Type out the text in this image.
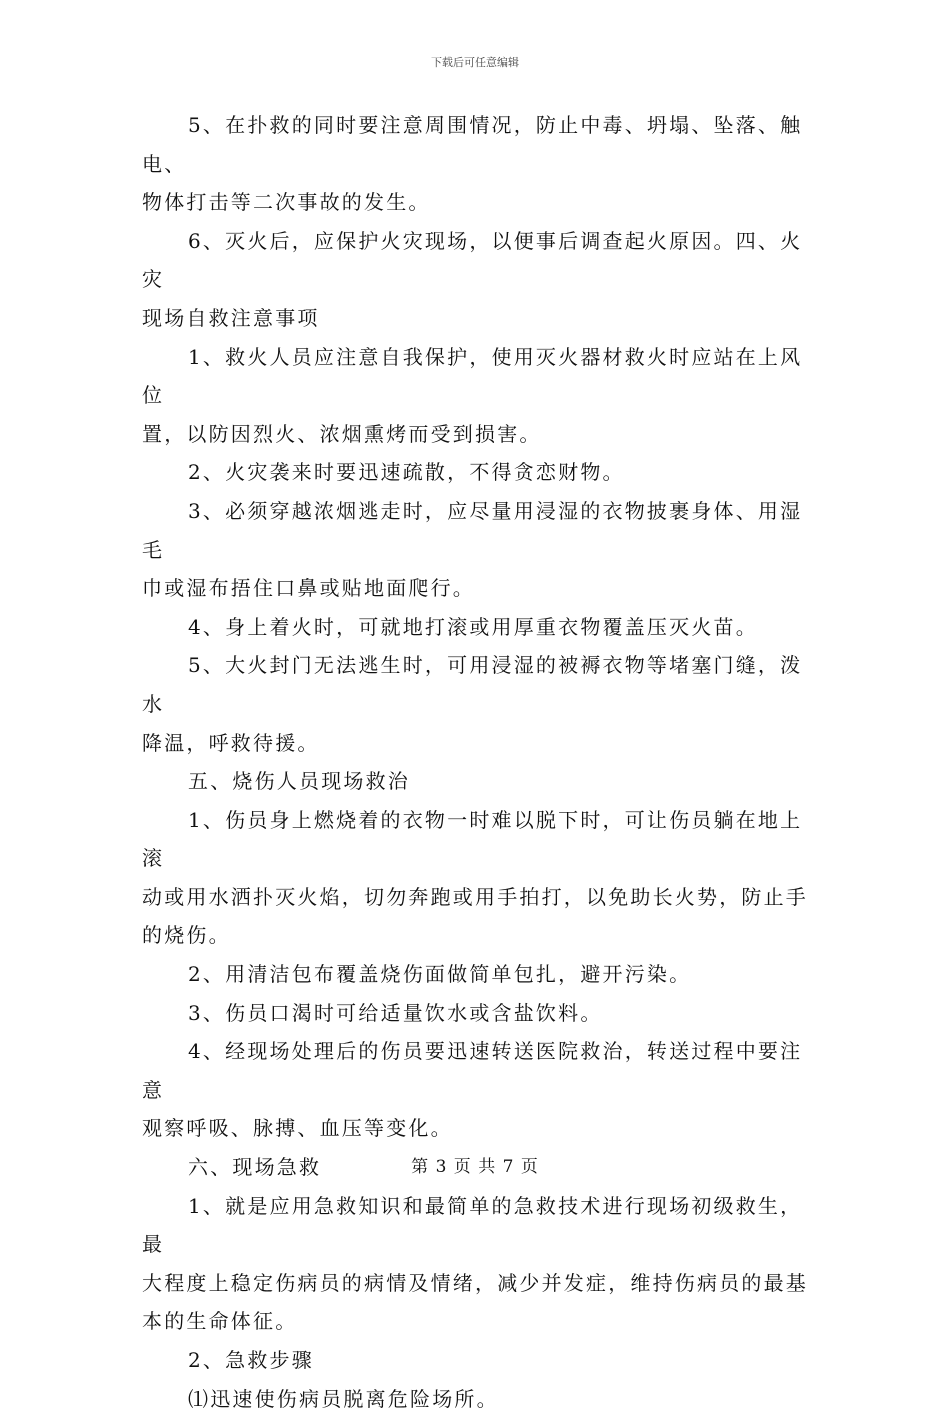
下载后可任意编辑

5、在扑救的同时要注意周围情况，防止中毒、坍塌、坠落、触电、
物体打击等二次事故的发生。

6、灭火后，应保护火灾现场，以便事后调查起火原因。四、火灾
现场自救注意事项

1、救火人员应注意自我保护，使用灭火器材救火时应站在上风位
置，以防因烈火、浓烟熏烤而受到损害。

2、火灾袭来时要迅速疏散，不得贪恋财物。

3、必须穿越浓烟逃走时，应尽量用浸湿的衣物披裹身体、用湿毛
巾或湿布捂住口鼻或贴地面爬行。

4、身上着火时，可就地打滚或用厚重衣物覆盖压灭火苗。

5、大火封门无法逃生时，可用浸湿的被褥衣物等堵塞门缝，泼水
降温，呼救待援。

五、烧伤人员现场救治

1、伤员身上燃烧着的衣物一时难以脱下时，可让伤员躺在地上滚
动或用水洒扑灭火焰，切勿奔跑或用手拍打，以免助长火势，防止手
的烧伤。

2、用清洁包布覆盖烧伤面做简单包扎，避开污染。

3、伤员口渴时可给适量饮水或含盐饮料。

4、经现场处理后的伤员要迅速转送医院救治，转送过程中要注意
观察呼吸、脉搏、血压等变化。

六、现场急救

1、就是应用急救知识和最简单的急救技术进行现场初级救生，最
大程度上稳定伤病员的病情及情绪，减少并发症，维持伤病员的最基
本的生命体征。

2、急救步骤

⑴迅速使伤病员脱离危险场所。

第 3 页 共 7 页
